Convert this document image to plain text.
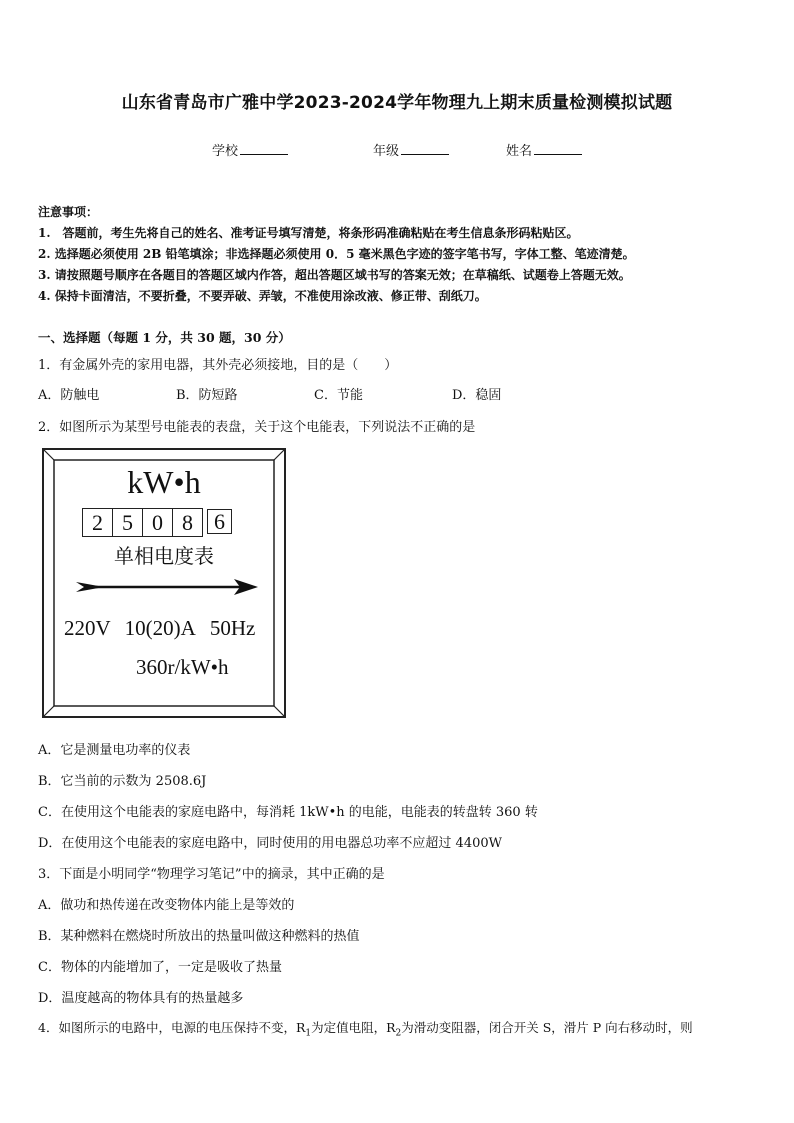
山东省青岛市广雅中学2023-2024学年物理九上期末质量检测模拟试题
学校	年级	姓名
注意事项：
1.　答题前，考生先将自己的姓名、准考证号填写清楚，将条形码准确粘贴在考生信息条形码粘贴区。
2. 选择题必须使用 2B 铅笔填涂；非选择题必须使用 0．5 毫米黑色字迹的签字笔书写，字体工整、笔迹清楚。
3. 请按照题号顺序在各题目的答题区域内作答，超出答题区域书写的答案无效；在草稿纸、试题卷上答题无效。
4. 保持卡面清洁，不要折叠，不要弄破、弄皱，不准使用涂改液、修正带、刮纸刀。
一、选择题（每题 1 分，共 30 题，30 分）
1．有金属外壳的家用电器，其外壳必须接地，目的是（　　）
A．防触电	B．防短路	C．节能	D．稳固
2．如图所示为某型号电能表的表盘，关于这个电能表，下列说法不正确的是
kW•h
2 5 0 8 6
单相电度表
220V 10(20)A 50Hz
360r/kW•h
A．它是测量电功率的仪表
B．它当前的示数为 2508.6J
C．在使用这个电能表的家庭电路中，每消耗 1kW•h 的电能，电能表的转盘转 360 转
D．在使用这个电能表的家庭电路中，同时使用的用电器总功率不应超过 4400W
3．下面是小明同学“物理学习笔记”中的摘录，其中正确的是
A．做功和热传递在改变物体内能上是等效的
B．某种燃料在燃烧时所放出的热量叫做这种燃料的热值
C．物体的内能增加了，一定是吸收了热量
D．温度越高的物体具有的热量越多
4．如图所示的电路中，电源的电压保持不变，$R_1$为定值电阻，$R_2$为滑动变阻器，闭合开关 S，滑片 P 向右移动时，则
